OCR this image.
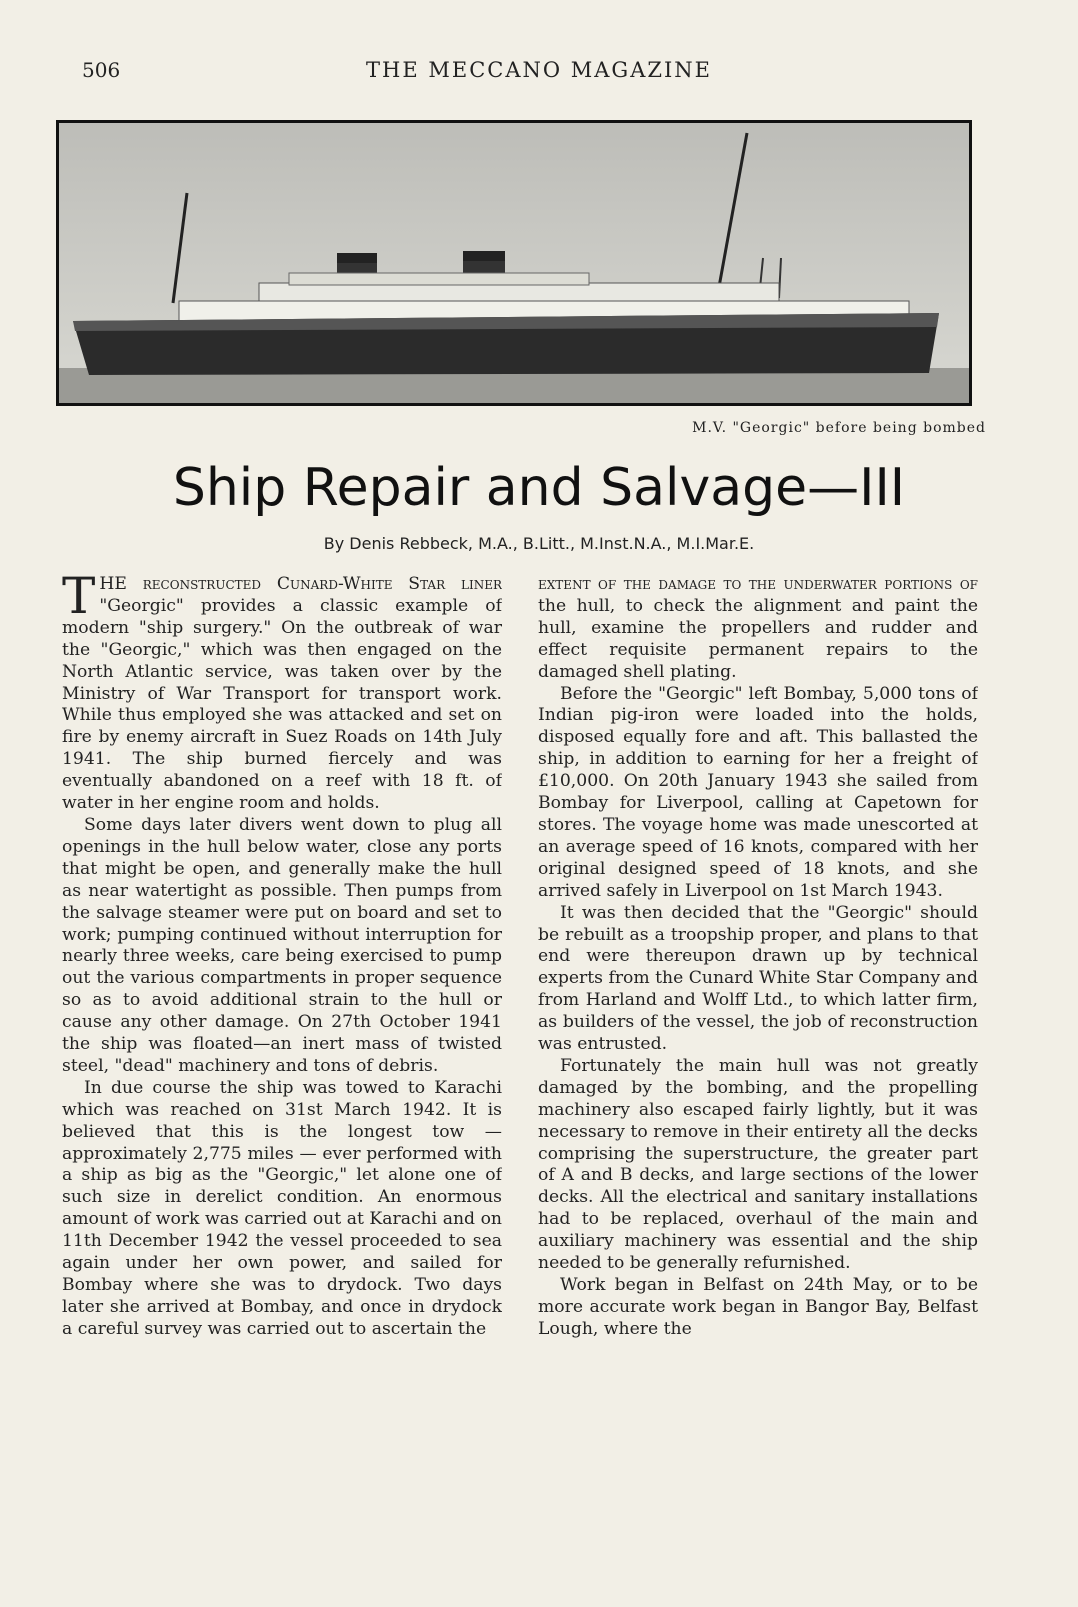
506	THE MECCANO MAGAZINE
M.V. "Georgic" before being bombed
Ship Repair and Salvage—III
By Denis Rebbeck, M.A., B.Litt., M.Inst.N.A., M.I.Mar.E.

THE reconstructed Cunard-White Star liner "Georgic" provides a classic example of modern "ship surgery." On the outbreak of war the "Georgic," which was then engaged on the North Atlantic service, was taken over by the Ministry of War Transport for transport work. While thus employed she was attacked and set on fire by enemy aircraft in Suez Roads on 14th July 1941. The ship burned fiercely and was eventually abandoned on a reef with 18 ft. of water in her engine room and holds.

Some days later divers went down to plug all openings in the hull below water, close any ports that might be open, and generally make the hull as near watertight as possible. Then pumps from the salvage steamer were put on board and set to work; pumping continued without interruption for nearly three weeks, care being exercised to pump out the various compartments in proper sequence so as to avoid additional strain to the hull or cause any other damage. On 27th October 1941 the ship was floated—an inert mass of twisted steel, "dead" machinery and tons of debris.

In due course the ship was towed to Karachi which was reached on 31st March 1942. It is believed that this is the longest tow — approximately 2,775 miles — ever performed with a ship as big as the "Georgic," let alone one of such size in derelict condition. An enormous amount of work was carried out at Karachi and on 11th December 1942 the vessel proceeded to sea again under her own power, and sailed for Bombay where she was to drydock. Two days later she arrived at Bombay, and once in drydock a careful survey was carried out to ascertain the

extent of the damage to the underwater portions of the hull, to check the alignment and paint the hull, examine the propellers and rudder and effect requisite permanent repairs to the damaged shell plating.

Before the "Georgic" left Bombay, 5,000 tons of Indian pig-iron were loaded into the holds, disposed equally fore and aft. This ballasted the ship, in addition to earning for her a freight of £10,000. On 20th January 1943 she sailed from Bombay for Liverpool, calling at Capetown for stores. The voyage home was made unescorted at an average speed of 16 knots, compared with her original designed speed of 18 knots, and she arrived safely in Liverpool on 1st March 1943.

It was then decided that the "Georgic" should be rebuilt as a troopship proper, and plans to that end were thereupon drawn up by technical experts from the Cunard White Star Company and from Harland and Wolff Ltd., to which latter firm, as builders of the vessel, the job of reconstruction was entrusted.

Fortunately the main hull was not greatly damaged by the bombing, and the propelling machinery also escaped fairly lightly, but it was necessary to remove in their entirety all the decks comprising the superstructure, the greater part of A and B decks, and large sections of the lower decks. All the electrical and sanitary installations had to be replaced, overhaul of the main and auxiliary machinery was essential and the ship needed to be generally refurnished.

Work began in Belfast on 24th May, or to be more accurate work began in Bangor Bay, Belfast Lough, where the
